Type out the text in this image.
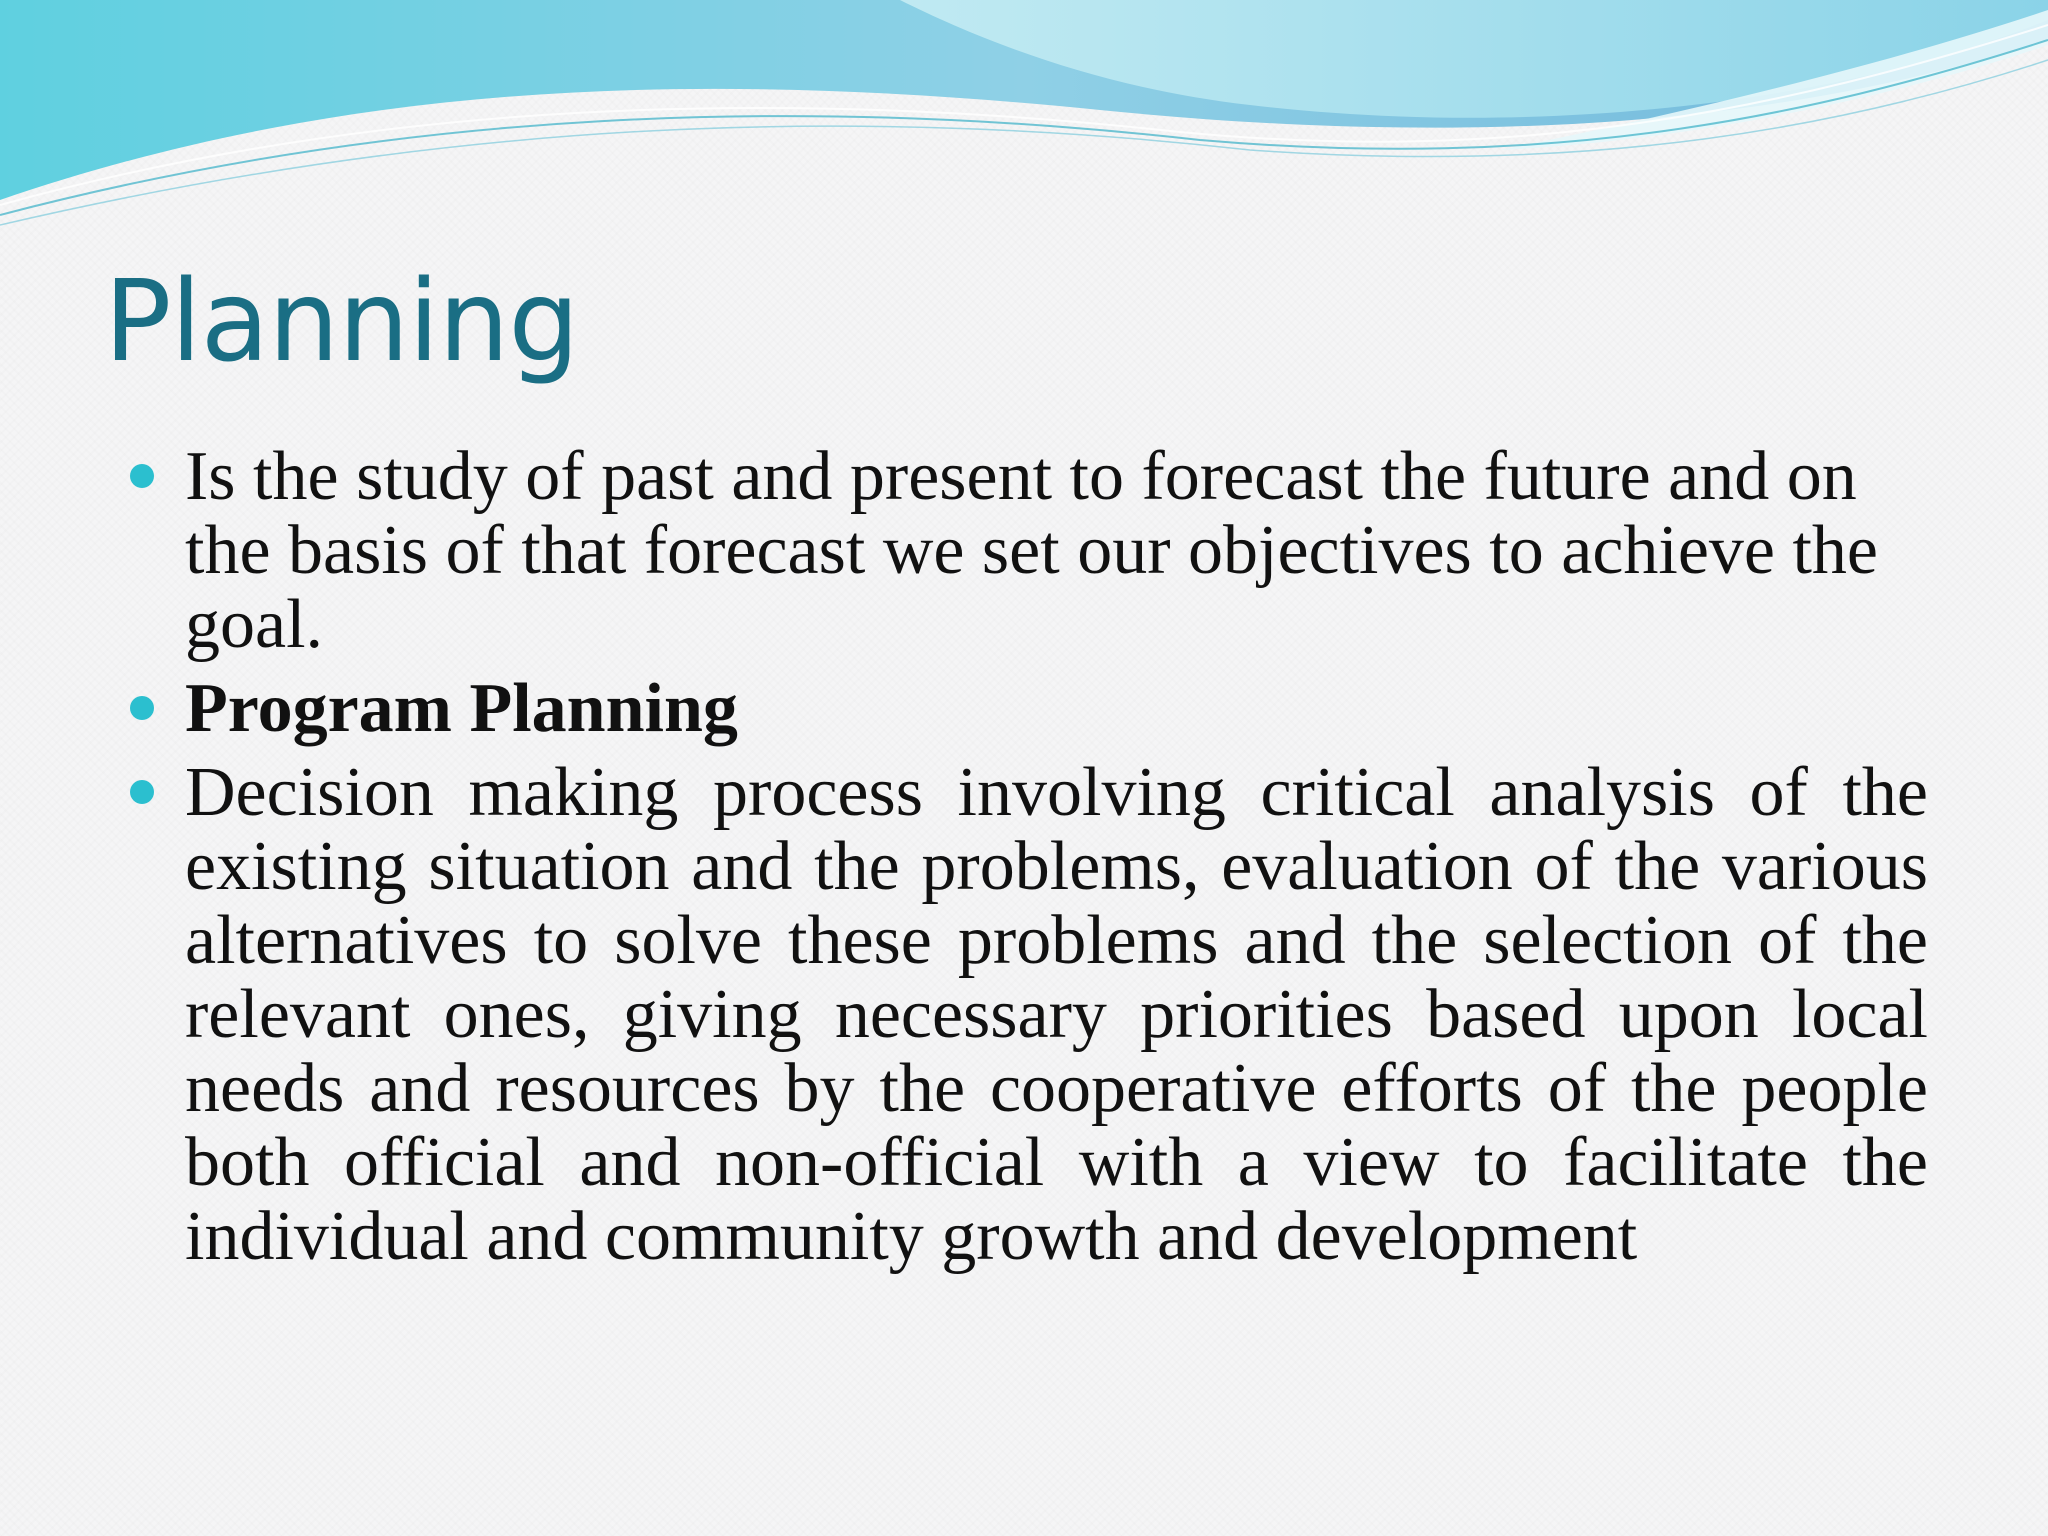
Planning
Is the study of past and present to forecast the future and on the basis of that forecast we set our objectives to achieve the goal.
Program Planning
Decision making process involving critical analysis of the existing situation and the problems, evaluation of the various alternatives to solve these problems and the selection of the relevant ones, giving necessary priorities based upon local needs and resources by the cooperative efforts of the people both official and non-official with a view to facilitate the individual and community growth and development
